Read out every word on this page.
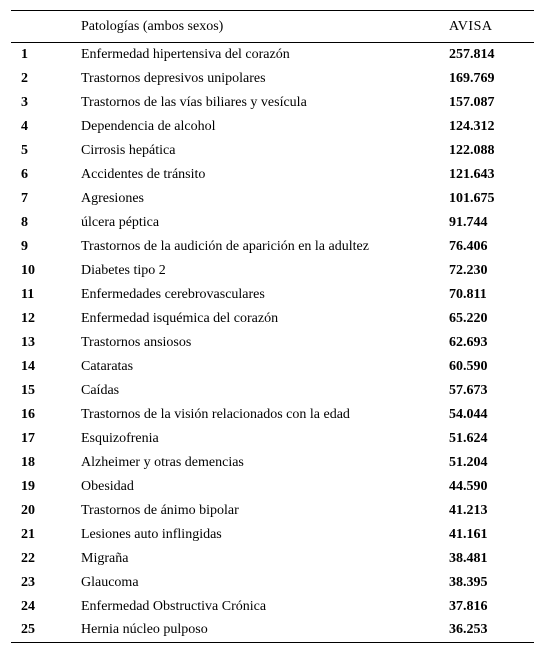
	Patologías (ambos sexos)	AVISA
1	Enfermedad hipertensiva del corazón	257.814
2	Trastornos depresivos unipolares	169.769
3	Trastornos de las vías biliares y vesícula	157.087
4	Dependencia de alcohol	124.312
5	Cirrosis hepática	122.088
6	Accidentes de tránsito	121.643
7	Agresiones	101.675
8	úlcera péptica	91.744
9	Trastornos de la audición de aparición en la adultez	76.406
10	Diabetes tipo 2	72.230
11	Enfermedades cerebrovasculares	70.811
12	Enfermedad isquémica del corazón	65.220
13	Trastornos ansiosos	62.693
14	Cataratas	60.590
15	Caídas	57.673
16	Trastornos de la visión relacionados con la edad	54.044
17	Esquizofrenia	51.624
18	Alzheimer y otras demencias	51.204
19	Obesidad	44.590
20	Trastornos de ánimo bipolar	41.213
21	Lesiones auto inflingidas	41.161
22	Migraña	38.481
23	Glaucoma	38.395
24	Enfermedad Obstructiva Crónica	37.816
25	Hernia núcleo pulposo	36.253
